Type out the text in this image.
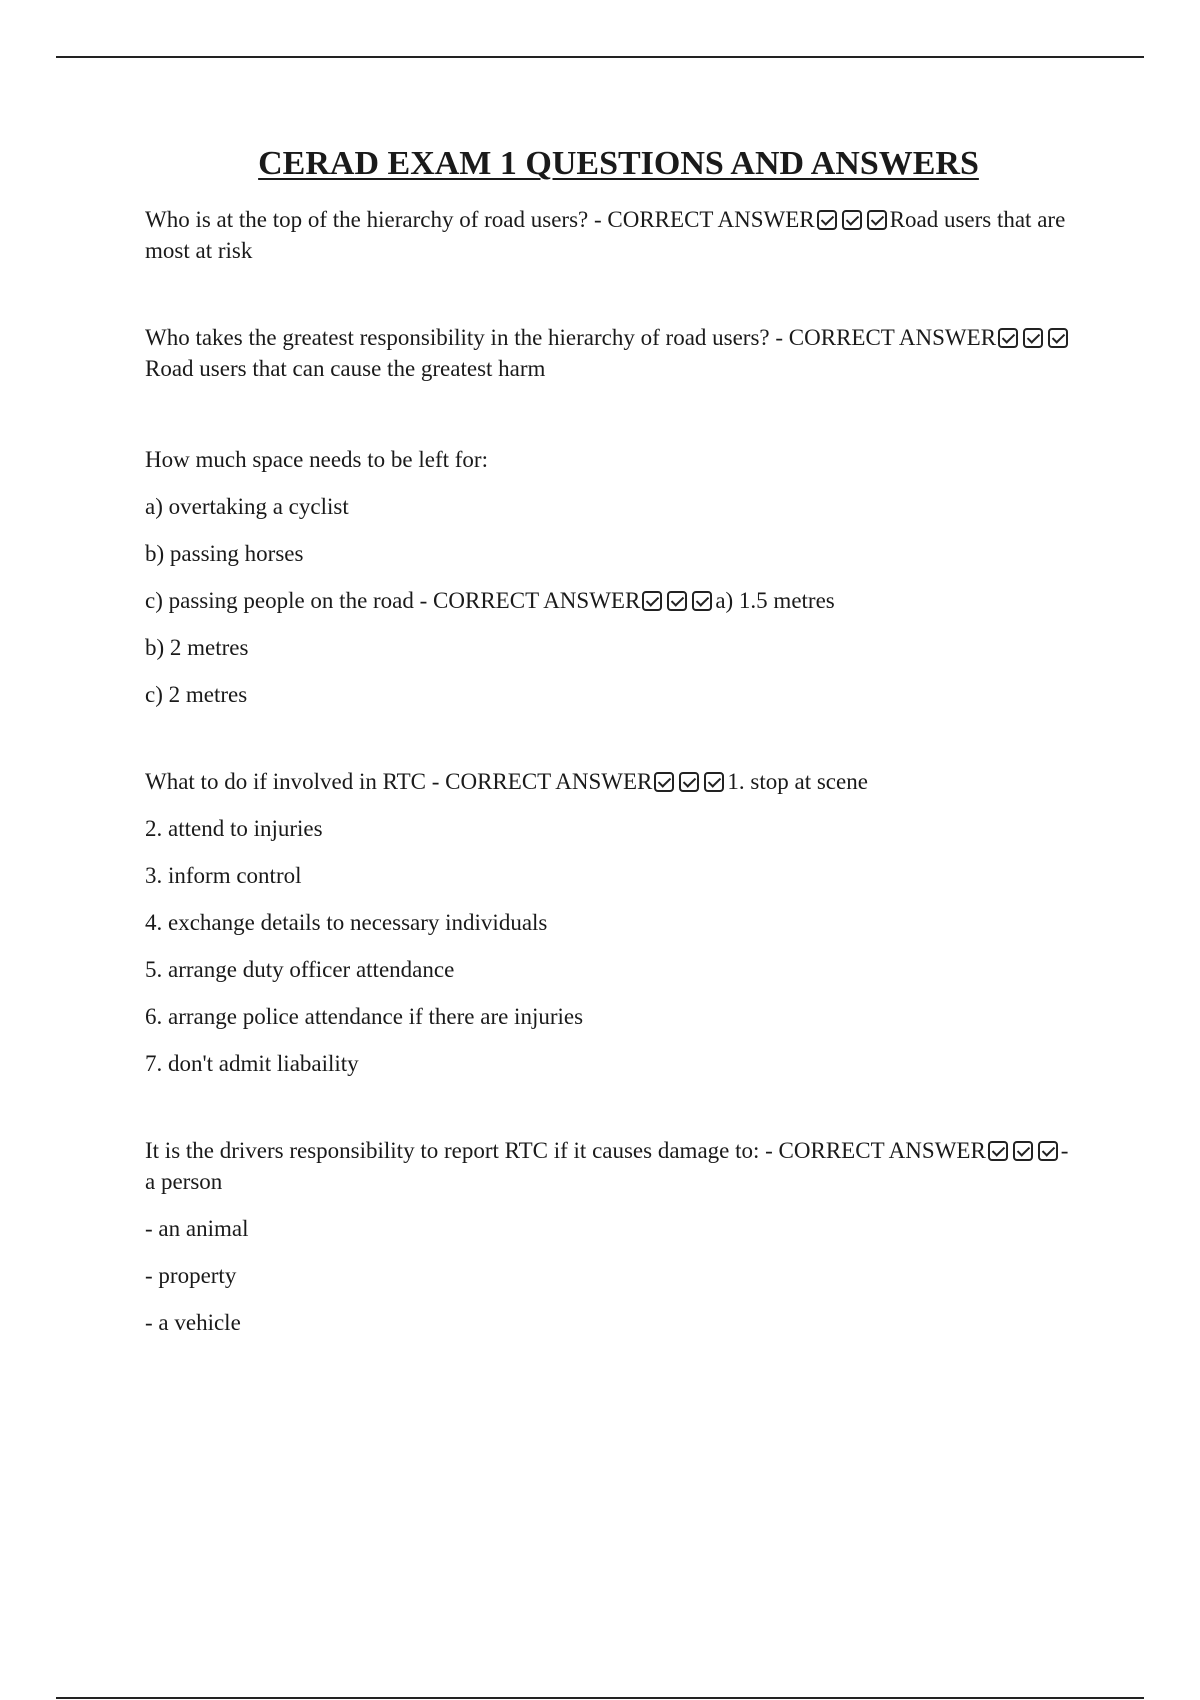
CERAD EXAM 1 QUESTIONS AND ANSWERS

Who is at the top of the hierarchy of road users? - CORRECT ANSWER	Road users that are most at risk

Who takes the greatest responsibility in the hierarchy of road users? - CORRECT ANSWERRoad users that can cause the greatest harm

How much space needs to be left for:

a) overtaking a cyclist

b) passing horses

c) passing people on the road - CORRECT ANSWER	a) 1.5 metres

b) 2 metres

c) 2 metres

What to do if involved in RTC - CORRECT ANSWER	1. stop at scene

2. attend to injuries

3. inform control

4. exchange details to necessary individuals

5. arrange duty officer attendance

6. arrange police attendance if there are injuries

7. don't admit liabaility

It is the drivers responsibility to report RTC if it causes damage to: - CORRECT ANSWER	- a person

- an animal

- property

- a vehicle
